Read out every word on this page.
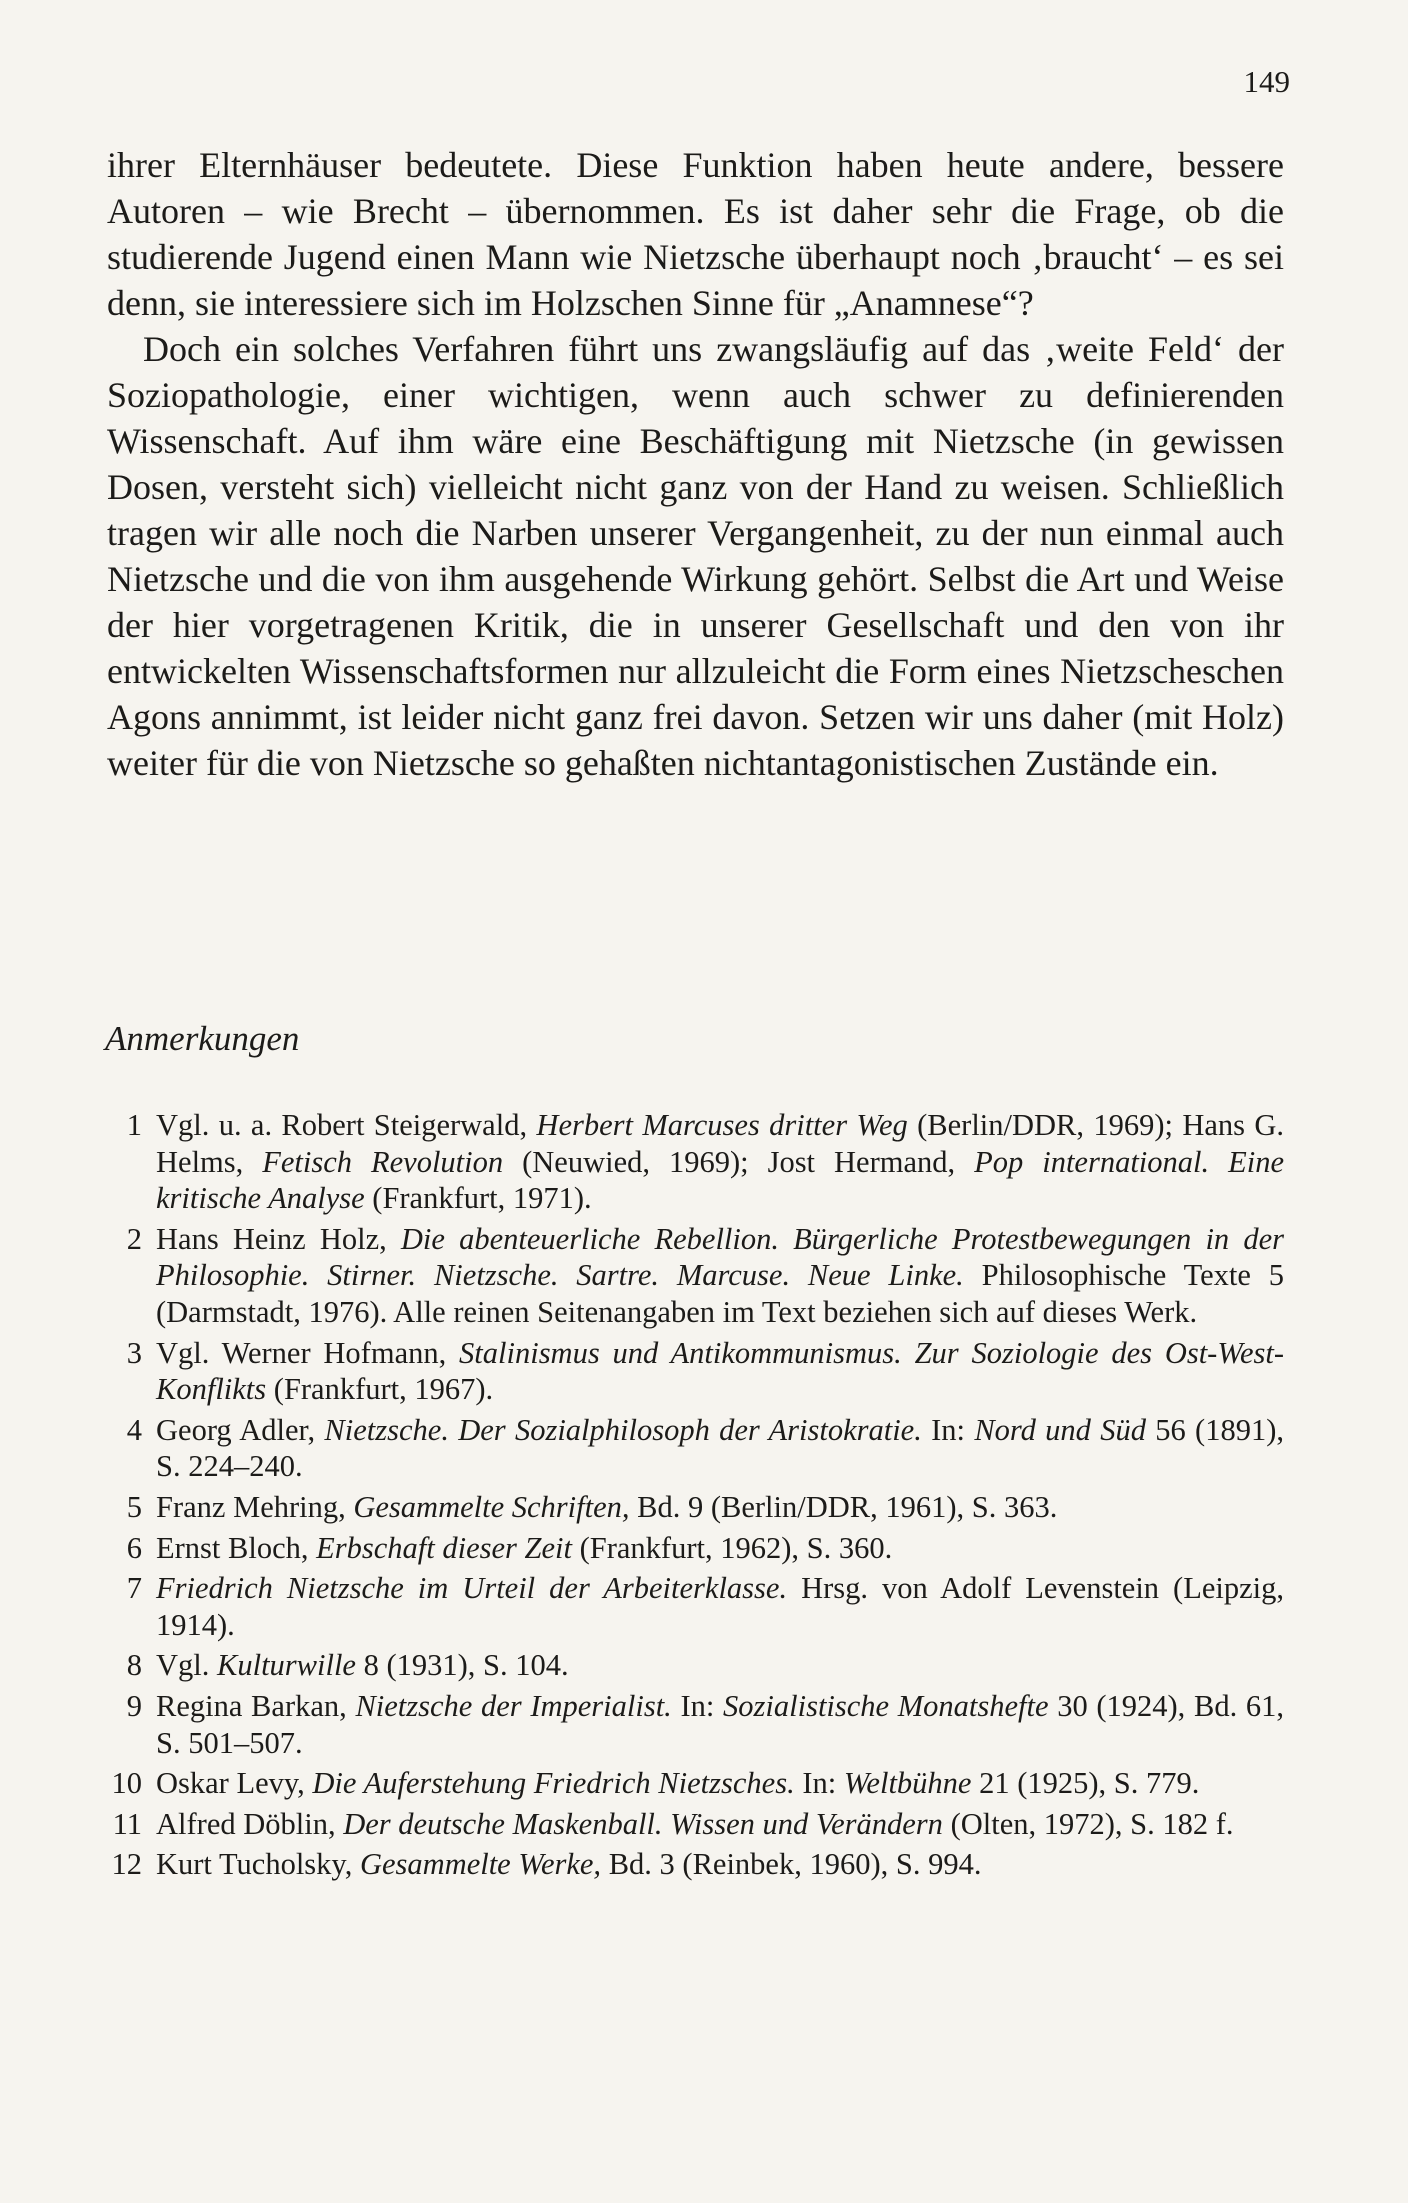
149

ihrer Elternhäuser bedeutete. Diese Funktion haben heute andere, bessere Autoren – wie Brecht – übernommen. Es ist daher sehr die Frage, ob die studierende Jugend einen Mann wie Nietzsche überhaupt noch ‚braucht‘ – es sei denn, sie interessiere sich im Holzschen Sinne für „Anamnese“?

Doch ein solches Verfahren führt uns zwangsläufig auf das ‚weite Feld‘ der Soziopathologie, einer wichtigen, wenn auch schwer zu definierenden Wissenschaft. Auf ihm wäre eine Beschäftigung mit Nietzsche (in gewissen Dosen, versteht sich) vielleicht nicht ganz von der Hand zu weisen. Schließlich tragen wir alle noch die Narben unserer Vergangenheit, zu der nun einmal auch Nietzsche und die von ihm ausgehende Wirkung gehört. Selbst die Art und Weise der hier vorgetragenen Kritik, die in unserer Gesellschaft und den von ihr entwickelten Wissenschaftsformen nur allzuleicht die Form eines Nietzscheschen Agons annimmt, ist leider nicht ganz frei davon. Setzen wir uns daher (mit Holz) weiter für die von Nietzsche so gehaßten nichtantagonistischen Zustände ein.

Anmerkungen
1 Vgl. u. a. Robert Steigerwald, Herbert Marcuses dritter Weg (Berlin/DDR, 1969); Hans G. Helms, Fetisch Revolution (Neuwied, 1969); Jost Hermand, Pop international. Eine kritische Analyse (Frankfurt, 1971).
2 Hans Heinz Holz, Die abenteuerliche Rebellion. Bürgerliche Protestbewegungen in der Philosophie. Stirner. Nietzsche. Sartre. Marcuse. Neue Linke. Philosophische Texte 5 (Darmstadt, 1976). Alle reinen Seitenangaben im Text beziehen sich auf dieses Werk.
3 Vgl. Werner Hofmann, Stalinismus und Antikommunismus. Zur Soziologie des Ost-West-Konflikts (Frankfurt, 1967).
4 Georg Adler, Nietzsche. Der Sozialphilosoph der Aristokratie. In: Nord und Süd 56 (1891), S. 224–240.
5 Franz Mehring, Gesammelte Schriften, Bd. 9 (Berlin/DDR, 1961), S. 363.
6 Ernst Bloch, Erbschaft dieser Zeit (Frankfurt, 1962), S. 360.
7 Friedrich Nietzsche im Urteil der Arbeiterklasse. Hrsg. von Adolf Levenstein (Leipzig, 1914).
8 Vgl. Kulturwille 8 (1931), S. 104.
9 Regina Barkan, Nietzsche der Imperialist. In: Sozialistische Monatshefte 30 (1924), Bd. 61, S. 501–507.
10 Oskar Levy, Die Auferstehung Friedrich Nietzsches. In: Weltbühne 21 (1925), S. 779.
11 Alfred Döblin, Der deutsche Maskenball. Wissen und Verändern (Olten, 1972), S. 182 f.
12 Kurt Tucholsky, Gesammelte Werke, Bd. 3 (Reinbek, 1960), S. 994.
